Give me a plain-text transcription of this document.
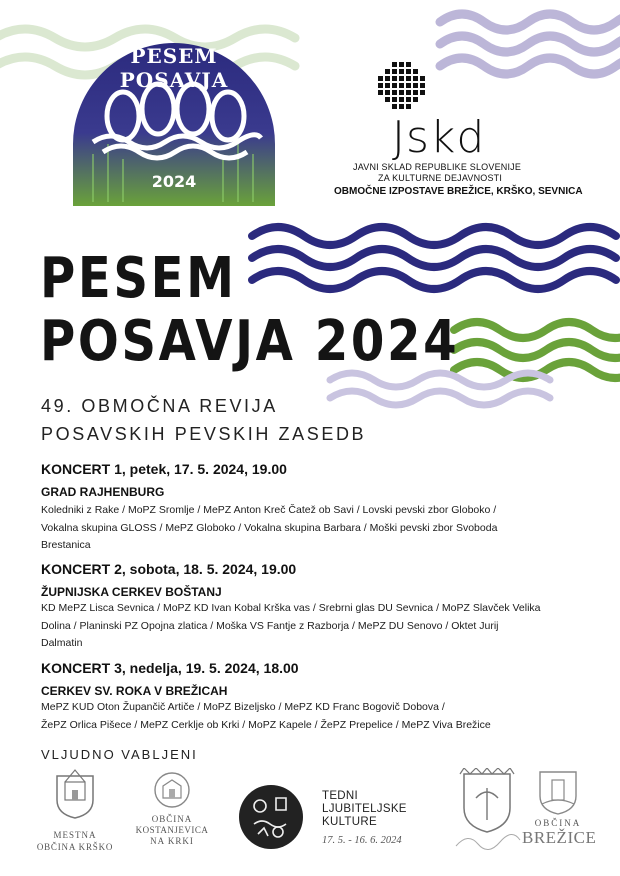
PESEM POSAVJA
2024
Jskd
JAVNI SKLAD REPUBLIKE SLOVENIJE
ZA KULTURNE DEJAVNOSTI
OBMOČNE IZPOSTAVE BREŽICE, KRŠKO, SEVNICA
PESEM
POSAVJA 2024
49. OBMOČNA REVIJA
POSAVSKIH PEVSKIH ZASEDB
KONCERT 1, petek, 17. 5. 2024, 19.00
GRAD RAJHENBURG
Koledniki z Rake / MoPZ Sromlje / MePZ Anton Kreč Čatež ob Savi / Lovski pevski zbor Globoko /
Vokalna skupina GLOSS / MePZ Globoko / Vokalna skupina Barbara / Moški pevski zbor Svoboda
Brestanica
KONCERT 2, sobota, 18. 5. 2024, 19.00
ŽUPNIJSKA CERKEV BOŠTANJ
KD MePZ Lisca Sevnica / MoPZ KD Ivan Kobal Krška vas / Srebrni glas DU Sevnica / MoPZ Slavček Velika
Dolina / Planinski PZ Opojna zlatica / Moška VS Fantje z Razborja / MePZ DU Senovo / Oktet Jurij
Dalmatin
KONCERT 3, nedelja, 19. 5. 2024, 18.00
CERKEV SV. ROKA V BREŽICAH
MePZ KUD Oton Župančič Artiče / MoPZ Bizeljsko / MePZ KD Franc Bogovič Dobova /
ŽePZ Orlica Pišece / MePZ Cerklje ob Krki / MoPZ Kapele / ŽePZ Prepelice / MePZ Viva Brežice
VLJUDNO VABLJENI
MESTNA
OBČINA KRŠKO
OBČINA
KOSTANJEVICA
NA KRKI
TEDNI
LJUBITELJSKE
KULTURE
17. 5. - 16. 6. 2024
OBČINA
BREŽICE
